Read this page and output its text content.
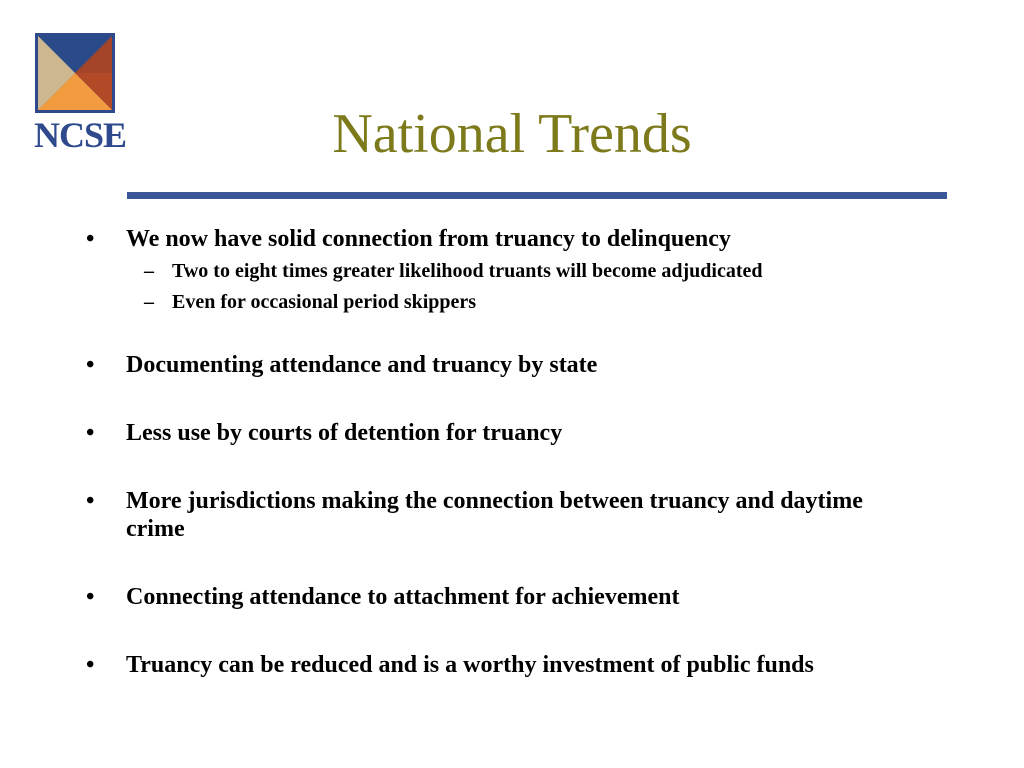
NCSE	National Trends
• We now have solid connection from truancy to delinquency
– Two to eight times greater likelihood truants will become adjudicated
– Even for occasional period skippers
• Documenting attendance and truancy by state
• Less use by courts of detention for truancy
• More jurisdictions making the connection between truancy and daytime crime
• Connecting attendance to attachment for achievement
• Truancy can be reduced and is a worthy investment of public funds
